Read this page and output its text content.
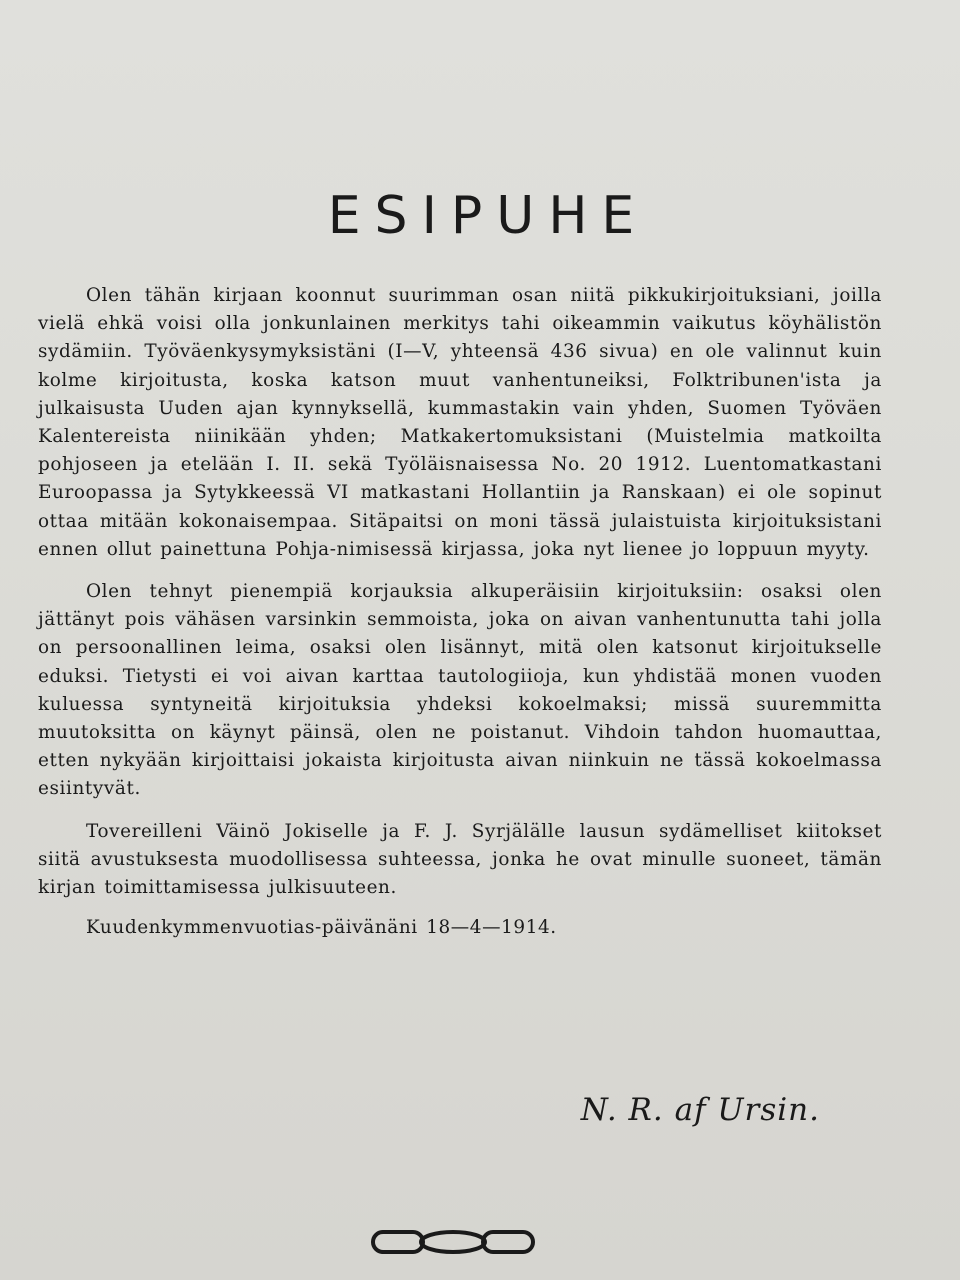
ESIPUHE

Olen tähän kirjaan koonnut suurimman osan niitä pikkukirjoituksiani, joilla vielä ehkä voisi olla jonkunlainen merkitys tahi oikeammin vaikutus köyhälistön sydämiin. Työväenkysymyksistäni (I—V, yhteensä 436 sivua) en ole valinnut kuin kolme kirjoitusta, koska katson muut vanhentuneiksi, Folktribunen'ista ja julkaisusta Uuden ajan kynnyksellä, kummastakin vain yhden, Suomen Työväen Kalentereista niinikään yhden; Matkakertomuksistani (Muistelmia matkoilta pohjoseen ja etelään I. II. sekä Työläisnaisessa No. 20 1912. Luentomatkastani Euroopassa ja Sytykkeessä VI matkastani Hollantiin ja Ranskaan) ei ole sopinut ottaa mitään kokonaisempaa. Sitäpaitsi on moni tässä julaistuista kirjoituksistani ennen ollut painettuna Pohja-nimisessä kirjassa, joka nyt lienee jo loppuun myyty.

Olen tehnyt pienempiä korjauksia alkuperäisiin kirjoituksiin: osaksi olen jättänyt pois vähäsen varsinkin semmoista, joka on aivan vanhentunutta tahi jolla on persoonallinen leima, osaksi olen lisännyt, mitä olen katsonut kirjoitukselle eduksi. Tietysti ei voi aivan karttaa tautologiioja, kun yhdistää monen vuoden kuluessa syntyneitä kirjoituksia yhdeksi kokoelmaksi; missä suuremmitta muutoksitta on käynyt päinsä, olen ne poistanut. Vihdoin tahdon huomauttaa, etten nykyään kirjoittaisi jokaista kirjoitusta aivan niinkuin ne tässä kokoelmassa esiintyvät.

Tovereilleni Väinö Jokiselle ja F. J. Syrjälälle lausun sydämelliset kiitokset siitä avustuksesta muodollisessa suhteessa, jonka he ovat minulle suoneet, tämän kirjan toimittamisessa julkisuuteen.

Kuudenkymmenvuotias-päivänäni 18—4—1914.

N. R. af Ursin.
